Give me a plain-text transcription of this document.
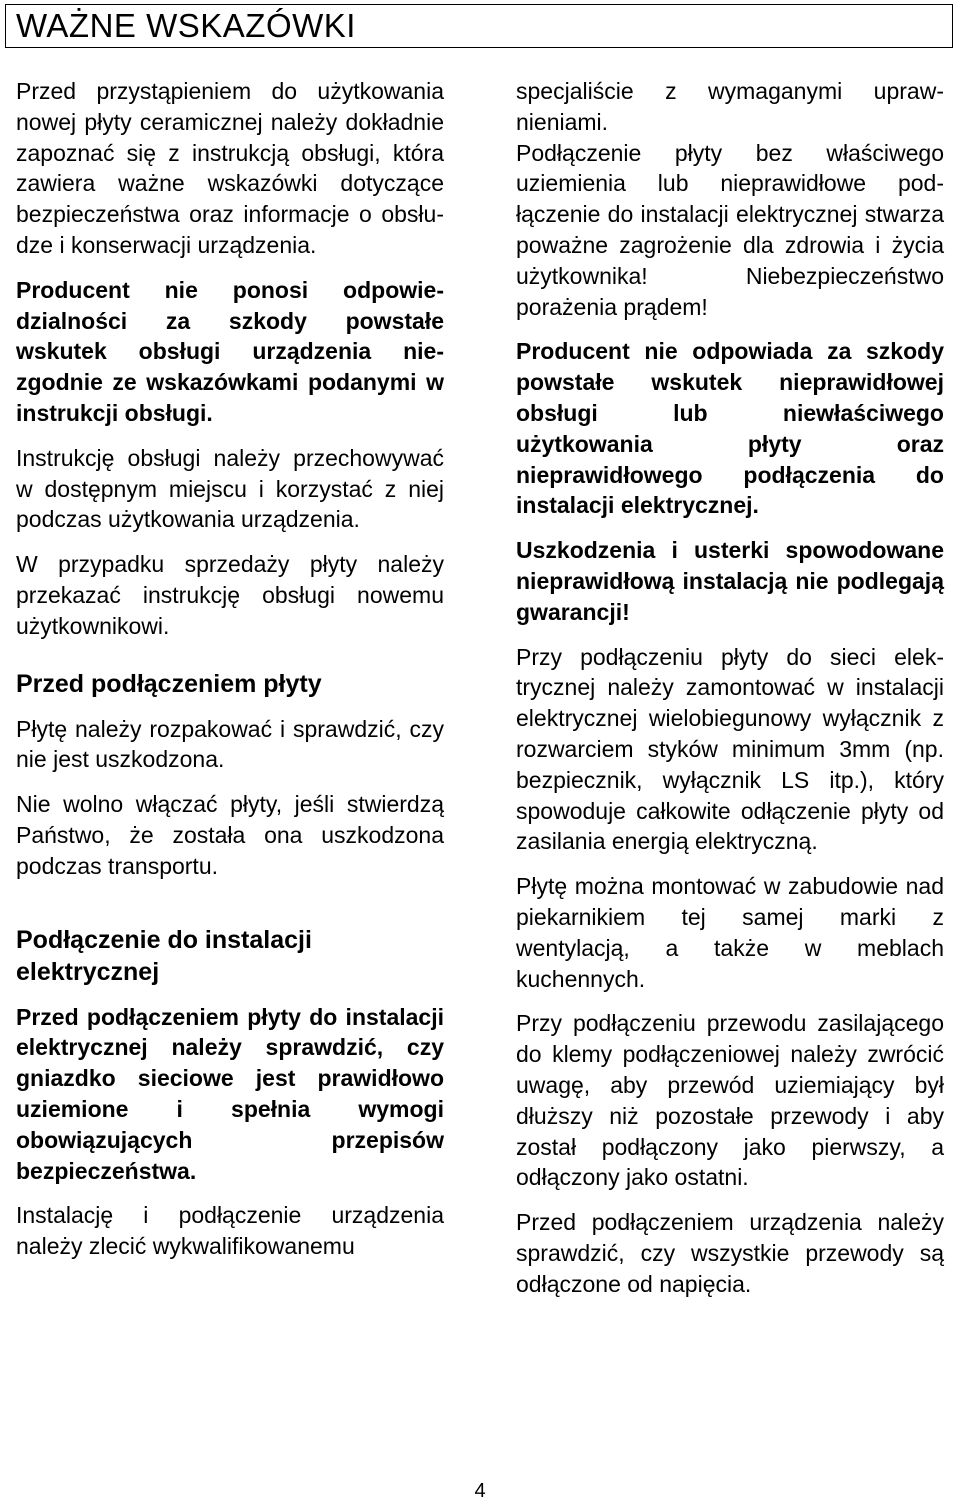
WAŻNE WSKAZÓWKI

Przed przystąpieniem do użytkowania nowej płyty ceramicznej należy dokładnie zapoznać się z instrukcją obsługi, która zawiera ważne wskazówki dotyczące bezpieczeństwa oraz informacje o obsłudze i konserwacji urządzenia.

Producent nie ponosi odpowiedzialności za szkody powstałe wskutek obsługi urządzenia niezgodnie ze wskazówkami podanymi w instrukcji obsługi.

Instrukcję obsługi należy przechowywać w dostępnym miejscu i korzystać z niej podczas użytkowania urządzenia.

W przypadku sprzedaży płyty należy przekazać instrukcję obsługi nowemu użytkownikowi.

Przed podłączeniem płyty

Płytę należy rozpakować i sprawdzić, czy nie jest uszkodzona.

Nie wolno włączać płyty, jeśli stwierdzą Państwo, że została ona uszkodzona podczas transportu.

Podłączenie do instalacji elektrycznej

Przed podłączeniem płyty do instalacji elektrycznej należy sprawdzić, czy gniazdko sieciowe jest prawidłowo uziemione i spełnia wymogi obowiązujących przepisów bezpieczeństwa.

Instalację i podłączenie urządzenia należy zlecić wykwalifikowanemu

specjaliście z wymaganymi uprawnieniami.

Podłączenie płyty bez właściwego uziemienia lub nieprawidłowe podłączenie do instalacji elektrycznej stwarza poważne zagrożenie dla zdrowia i życia użytkownika! Niebezpieczeństwo porażenia prądem!

Producent nie odpowiada za szkody powstałe wskutek nieprawidłowej obsługi lub niewłaściwego użytkowania płyty oraz nieprawidłowego podłączenia do instalacji elektrycznej.

Uszkodzenia i usterki spowodowane nieprawidłową instalacją nie podlegają gwarancji!

Przy podłączeniu płyty do sieci elektrycznej należy zamontować w instalacji elektrycznej wielobiegunowy wyłącznik z rozwarciem styków minimum 3mm (np. bezpiecznik, wyłącznik LS itp.), który spowoduje całkowite odłączenie płyty od zasilania energią elektryczną.

Płytę można montować w zabudowie nad piekarnikiem tej samej marki z wentylacją, a także w meblach kuchennych.

Przy podłączeniu przewodu zasilającego do klemy podłączeniowej należy zwrócić uwagę, aby przewód uziemiający był dłuższy niż pozostałe przewody i aby został podłączony jako pierwszy, a odłączony jako ostatni.

Przed podłączeniem urządzenia należy sprawdzić, czy wszystkie przewody są odłączone od napięcia.

4
